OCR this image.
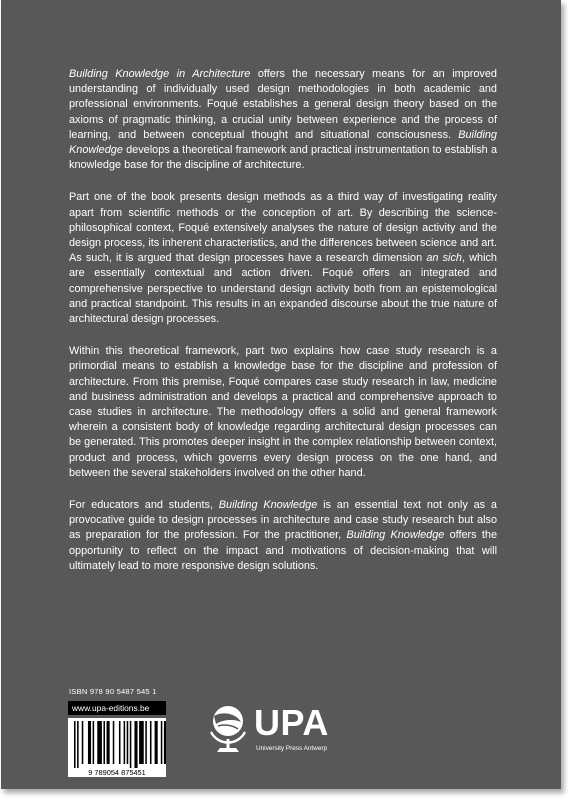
Building Knowledge in Architecture offers the necessary means for an improved understanding of individually used design methodologies in both academic and professional environments. Foqué establishes a general design theory based on the axioms of pragmatic thinking, a crucial unity between experience and the process of learning, and between conceptual thought and situational consciousness. Building Knowledge develops a theoretical framework and practical instrumentation to establish a knowledge base for the discipline of architecture.

Part one of the book presents design methods as a third way of investigating reality apart from scientific methods or the conception of art. By describing the science-philosophical context, Foqué extensively analyses the nature of design activity and the design process, its inherent characteristics, and the differences between science and art. As such, it is argued that design processes have a research dimension an sich, which are essentially contextual and action driven. Foqué offers an integrated and comprehensive perspective to understand design activity both from an epistemological and practical standpoint. This results in an expanded discourse about the true nature of architectural design processes.

Within this theoretical framework, part two explains how case study research is a primordial means to establish a knowledge base for the discipline and profession of architecture. From this premise, Foqué compares case study research in law, medicine and business administration and develops a practical and comprehensive approach to case studies in architecture. The methodology offers a solid and general framework wherein a consistent body of knowledge regarding architectural design processes can be generated. This promotes deeper insight in the complex relationship between context, product and process, which governs every design process on the one hand, and between the several stakeholders involved on the other hand.

For educators and students, Building Knowledge is an essential text not only as a provocative guide to design processes in architecture and case study research but also as preparation for the profession. For the practitioner, Building Knowledge offers the opportunity to reflect on the impact and motivations of decision-making that will ultimately lead to more responsive design solutions.

ISBN 978 90 5487 545 1
www.upa-editions.be
9 789054 875451
UPA
University Press Antwerp
